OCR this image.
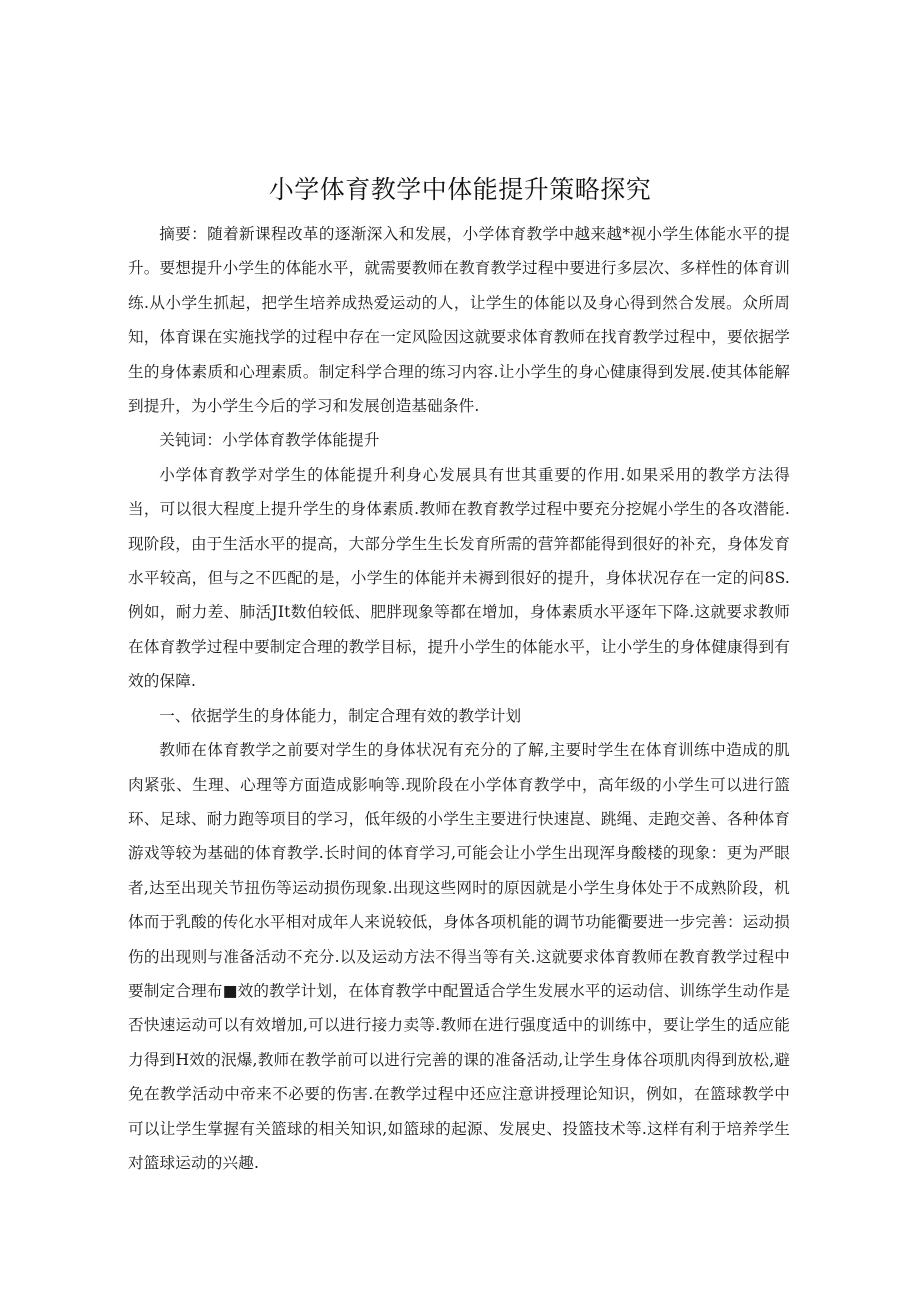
小学体育教学中体能提升策略探究

摘要：随着新课程改革的逐渐深入和发展，小学体育教学中越来越*视小学生体能水平的提升。要想提升小学生的体能水平，就需要教师在教育教学过程中要进行多层次、多样性的体育训练.从小学生抓起，把学生培养成热爱运动的人，让学生的体能以及身心得到然合发展。众所周知，体育课在实施找学的过程中存在一定风险因这就要求体育教师在找育教学过程中，要依据学生的身体素质和心理素质。制定科学合理的练习内容.让小学生的身心健康得到发展.使其体能解到提升，为小学生今后的学习和发展创造基础条件.

关钝词：小学体育教学体能提升

小学体育教学对学生的体能提升利身心发展具有世其重要的作用.如果采用的教学方法得当，可以很大程度上提升学生的身体素质.教师在教育教学过程中要充分挖娓小学生的各攻潜能.现阶段，由于生活水平的提高，大部分学生生长发育所需的营笄都能得到很好的补充，身体发育水平较高，但与之不匹配的是，小学生的体能并未褥到很好的提升，身体状况存在一定的问8S.例如，耐力差、肺活JIt数伯较低、肥胖现象等都在增加，身体素质水平逐年下降.这就要求教师在体育教学过程中要制定合理的教学目标，提升小学生的体能水平，让小学生的身体健康得到有效的保障.

一、依据学生的身体能力，制定合理有效的教学计划

教师在体育教学之前要对学生的身体状况有充分的了解,主要时学生在体育训练中造成的肌肉紧张、生理、心理等方面造成影响等.现阶段在小学体育教学中，高年级的小学生可以进行篮环、足球、耐力跑等项目的学习，低年级的小学生主要进行快速崑、跳绳、走跑交善、各种体育游戏等较为基础的体育教学.长时间的体育学习,可能会让小学生出现浑身酸楼的现象：更为严眼者,达至出现关节扭伤等运动损伤现象.出现这些网时的原因就是小学生身体处于不成熟阶段，机体而于乳酸的传化水平相对成年人来说较低，身体各项机能的调节功能衢要进一步完善：运动损伤的出现则与准备活动不充分.以及运动方法不得当等有关.这就要求体育教师在教育教学过程中要制定合理布■效的教学计划，在体育教学中配置适合学生发展水平的运动信、训练学生动作是否快速运动可以有效增加,可以进行接力卖等.教师在进行强度适中的训练中，要让学生的适应能力得到H效的泯爆,教师在教学前可以进行完善的课的准备活动,让学生身体谷项肌肉得到放松,避免在教学活动中帝来不必要的伤害.在教学过程中还应注意讲授理论知识，例如，在篮球教学中可以让学生掌握有关篮球的相关知识,如篮球的起源、发展史、投篮技术等.这样有利于培养学生对篮球运动的兴趣.
